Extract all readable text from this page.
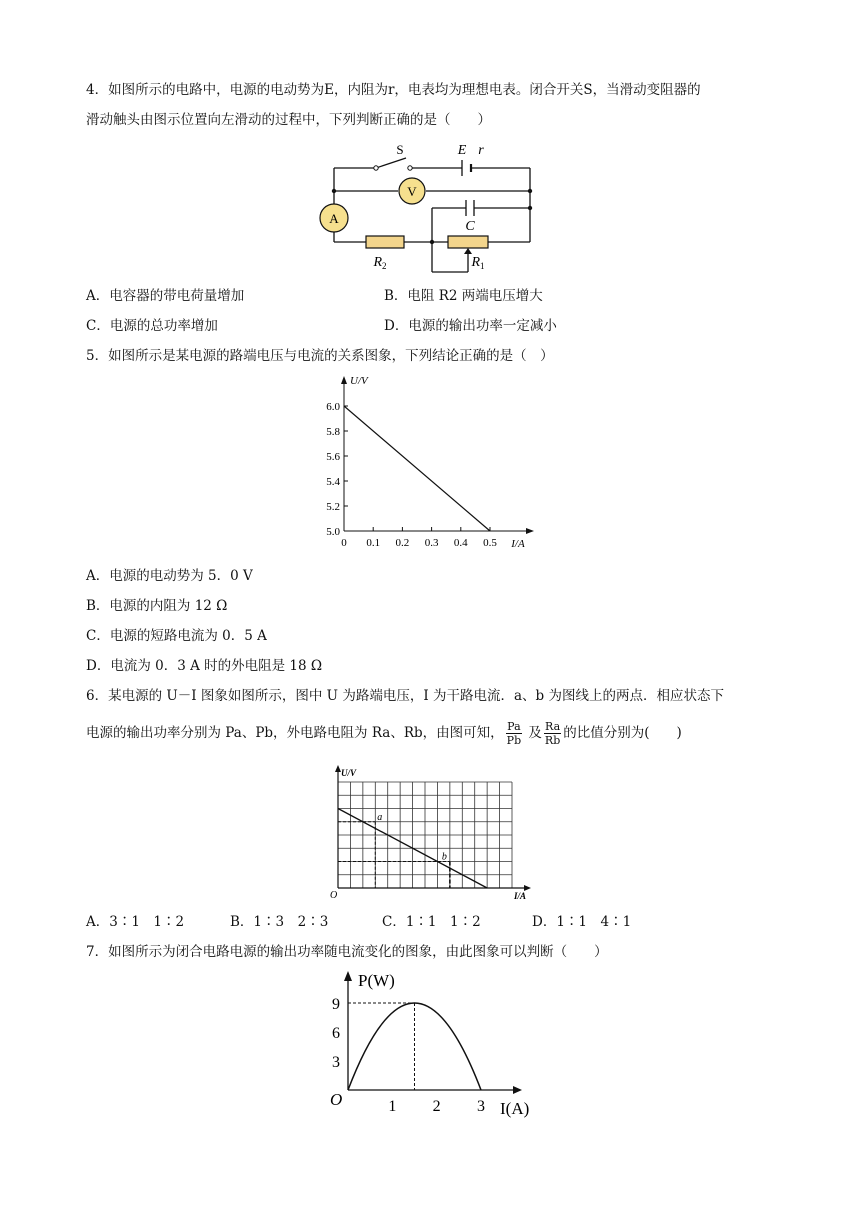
4．如图所示的电路中，电源的电动势为E，内阻为r，电表均为理想电表。闭合开关S，当滑动变阻器的
滑动触头由图示位置向左滑动的过程中，下列判断正确的是（　　）
V
A
S	E r
C
$R_2$	$R_1$
A．电容器的带电荷量增加	B．电阻 R2 两端电压增大
C．电源的总功率增加	D．电源的输出功率一定减小
5．如图所示是某电源的路端电压与电流的关系图象，下列结论正确的是（　）
U/V
I/A
5.0
5.2
5.4
5.6
5.8
6.0
0 0.1 0.2 0.3 0.4 0.5
A．电源的电动势为 5．0 V
B．电源的内阻为 12 Ω
C．电源的短路电流为 0．5 A
D．电流为 0．3 A 时的外电阻是 18 Ω
6．某电源的 U－I 图象如图所示，图中 U 为路端电压，I 为干路电流．a、b 为图线上的两点．相应状态下
电源的输出功率分别为 Pa、Pb，外电路电阻为 Ra、Rb，由图可知， $\frac{Pa}{Pb}$ 及 $\frac{Ra}{Rb}$ 的比值分别为(　　)
a
b
U/V
I/A
O
A．3∶1　1∶2	B．1∶3　2∶3	C．1∶1　1∶2	D．1∶1　4∶1
7．如图所示为闭合电路电源的输出功率随电流变化的图象，由此图象可以判断（　　）
P(W)
I(A)
O
3
6
9
1 2 3
